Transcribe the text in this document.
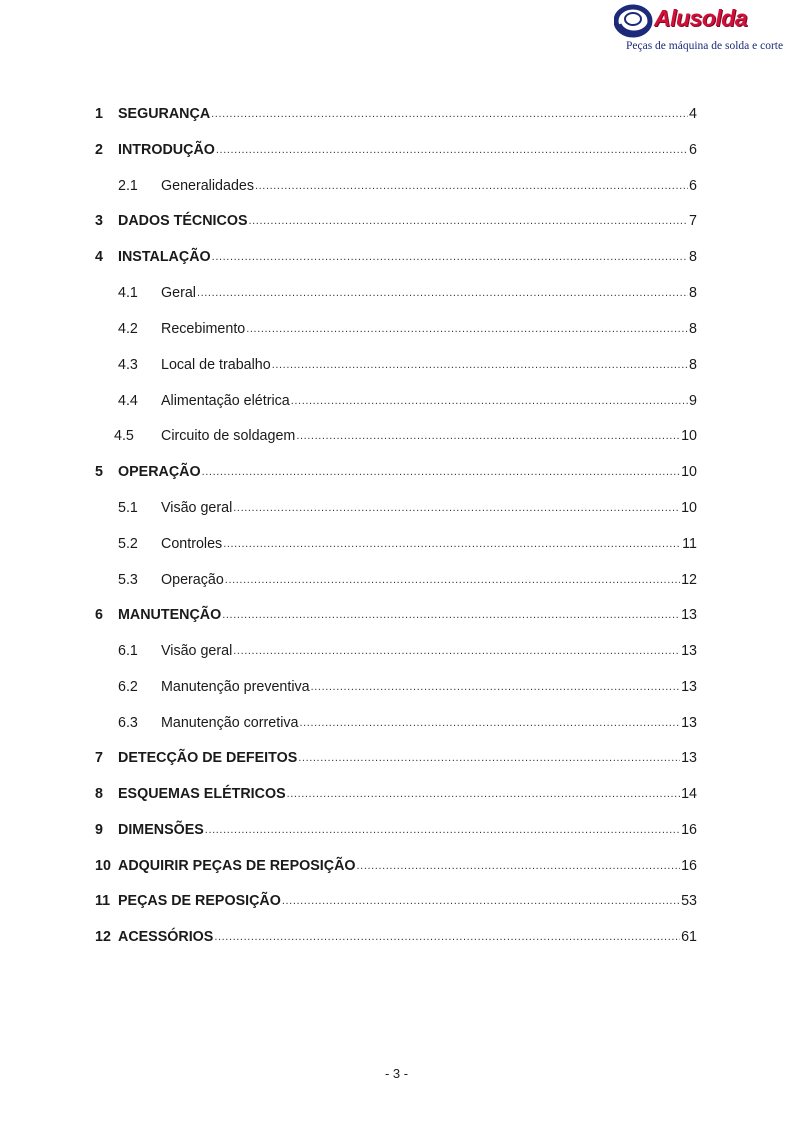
Alusolda
Peças de máquina de solda e corte
1	SEGURANÇA .....	4
2	INTRODUÇÃO .....	6
2.1	Generalidades .....	6
3	DADOS TÉCNICOS .....	7
4	INSTALAÇÃO .....	8
4.1	Geral .....	8
4.2	Recebimento .....	8
4.3	Local de trabalho .....	8
4.4	Alimentação elétrica .....	9
4.5	Circuito de soldagem .....	10
5	OPERAÇÃO .....	10
5.1	Visão geral .....	10
5.2	Controles .....	11
5.3	Operação .....	12
6	MANUTENÇÃO .....	13
6.1	Visão geral .....	13
6.2	Manutenção preventiva .....	13
6.3	Manutenção corretiva .....	13
7	DETECÇÃO DE DEFEITOS .....	13
8	ESQUEMAS ELÉTRICOS .....	14
9	DIMENSÕES .....	16
10 ADQUIRIR PEÇAS DE REPOSIÇÃO .....	16
11 PEÇAS DE REPOSIÇÃO .....	53
12 ACESSÓRIOS .....	61
- 3 -
